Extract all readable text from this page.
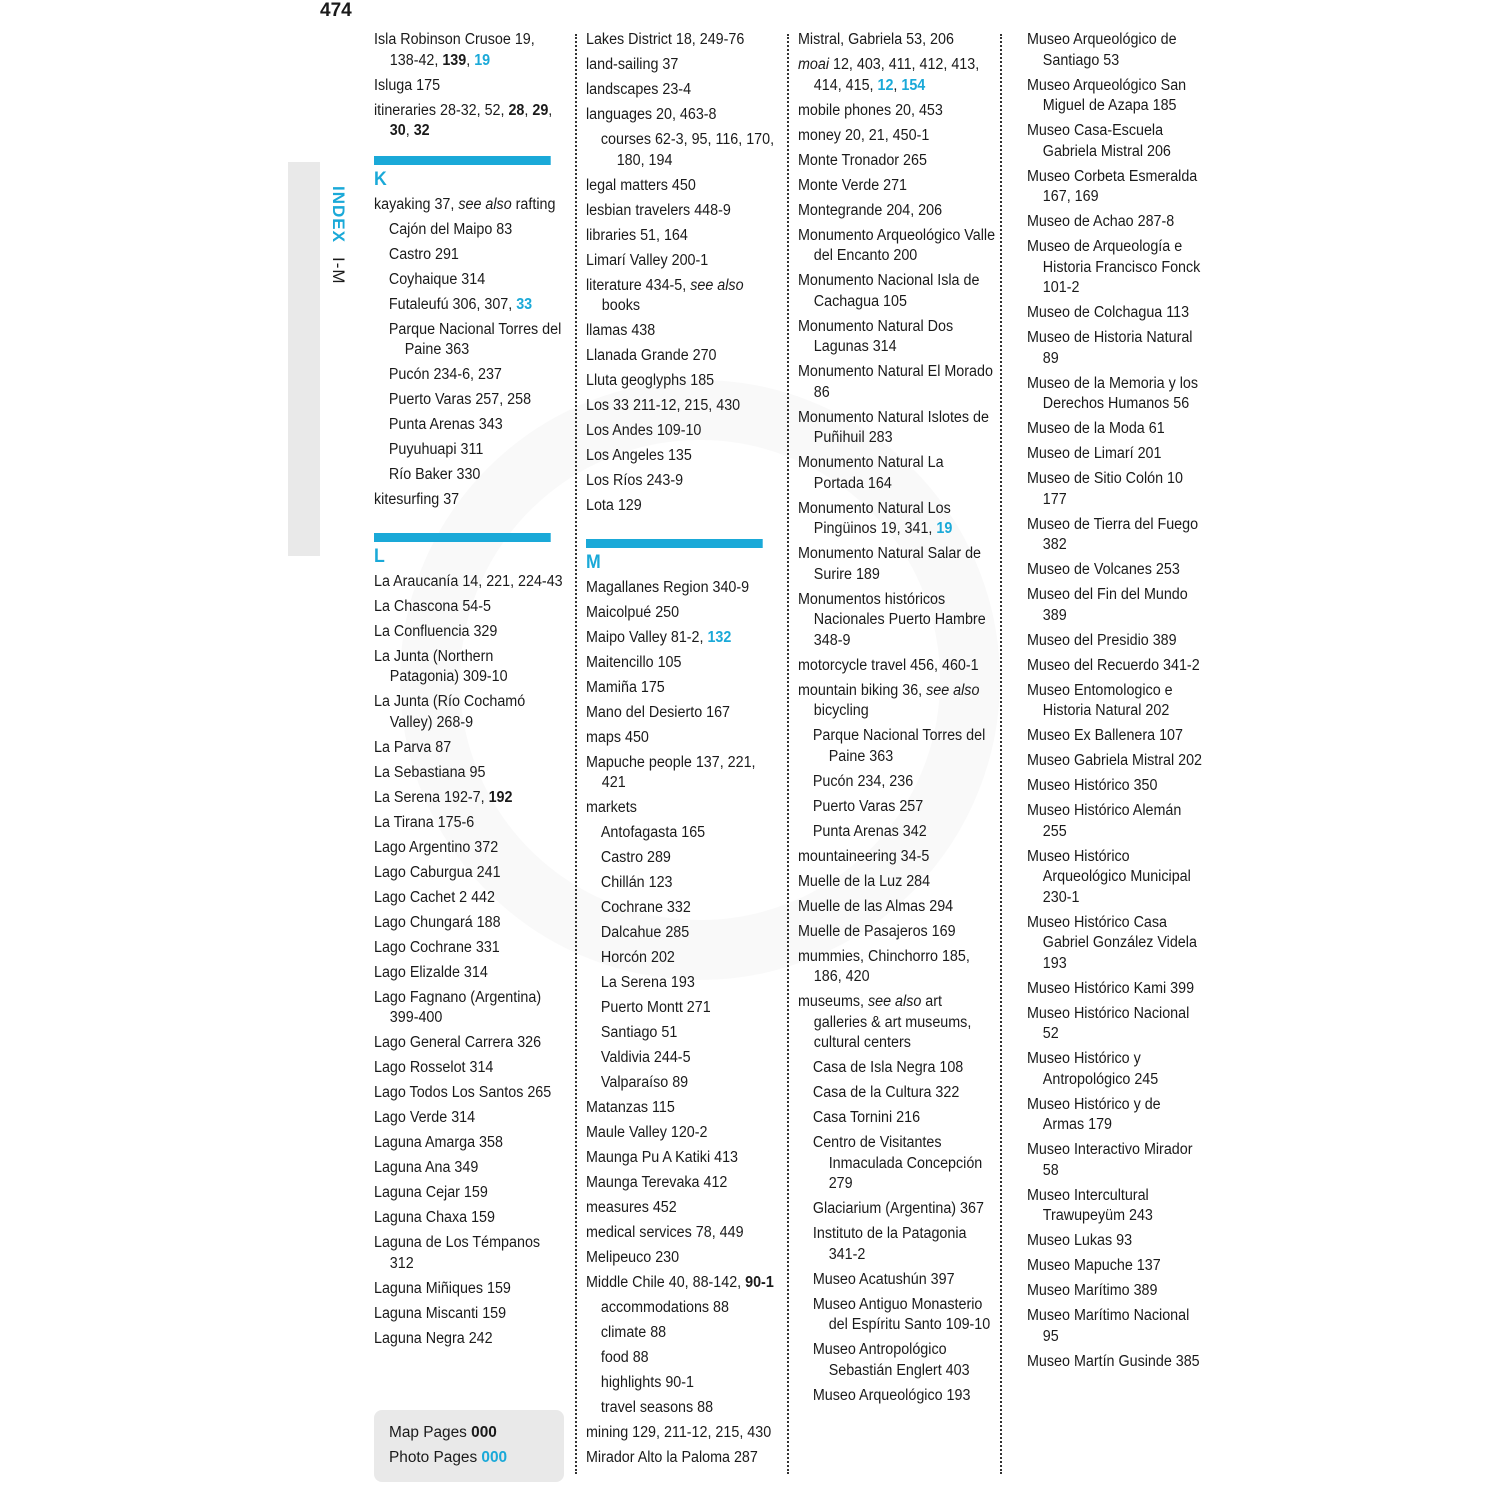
474
INDEX I-M

Isla Robinson Crusoe 19, 138-42, 139, 19

Isluga 175

itineraries 28-32, 52, 28, 29, 30, 32

K

kayaking 37, see also rafting

Cajón del Maipo 83

Castro 291

Coyhaique 314

Futaleufú 306, 307, 33

Parque Nacional Torres del Paine 363

Pucón 234-6, 237

Puerto Varas 257, 258

Punta Arenas 343

Puyuhuapi 311

Río Baker 330

kitesurfing 37

L

La Araucanía 14, 221, 224-43

La Chascona 54-5

La Confluencia 329

La Junta (Northern Patagonia) 309-10

La Junta (Río Cochamó Valley) 268-9

La Parva 87

La Sebastiana 95

La Serena 192-7, 192

La Tirana 175-6

Lago Argentino 372

Lago Caburgua 241

Lago Cachet 2 442

Lago Chungará 188

Lago Cochrane 331

Lago Elizalde 314

Lago Fagnano (Argentina) 399-400

Lago General Carrera 326

Lago Rosselot 314

Lago Todos Los Santos 265

Lago Verde 314

Laguna Amarga 358

Laguna Ana 349

Laguna Cejar 159

Laguna Chaxa 159

Laguna de Los Témpanos 312

Laguna Miñiques 159

Laguna Miscanti 159

Laguna Negra 242

Lakes District 18, 249-76

land-sailing 37

landscapes 23-4

languages 20, 463-8

courses 62-3, 95, 116, 170, 180, 194

legal matters 450

lesbian travelers 448-9

libraries 51, 164

Limarí Valley 200-1

literature 434-5, see also books

llamas 438

Llanada Grande 270

Lluta geoglyphs 185

Los 33 211-12, 215, 430

Los Andes 109-10

Los Angeles 135

Los Ríos 243-9

Lota 129

M

Magallanes Region 340-9

Maicolpué 250

Maipo Valley 81-2, 132

Maitencillo 105

Mamiña 175

Mano del Desierto 167

maps 450

Mapuche people 137, 221, 421

markets

Antofagasta 165

Castro 289

Chillán 123

Cochrane 332

Dalcahue 285

Horcón 202

La Serena 193

Puerto Montt 271

Santiago 51

Valdivia 244-5

Valparaíso 89

Matanzas 115

Maule Valley 120-2

Maunga Pu A Katiki 413

Maunga Terevaka 412

measures 452

medical services 78, 449

Melipeuco 230

Middle Chile 40, 88-142, 90-1

accommodations 88

climate 88

food 88

highlights 90-1

travel seasons 88

mining 129, 211-12, 215, 430

Mirador Alto la Paloma 287

Mistral, Gabriela 53, 206

moai 12, 403, 411, 412, 413, 414, 415, 12, 154

mobile phones 20, 453

money 20, 21, 450-1

Monte Tronador 265

Monte Verde 271

Montegrande 204, 206

Monumento Arqueológico Valle del Encanto 200

Monumento Nacional Isla de Cachagua 105

Monumento Natural Dos Lagunas 314

Monumento Natural El Morado 86

Monumento Natural Islotes de Puñihuil 283

Monumento Natural La Portada 164

Monumento Natural Los Pingüinos 19, 341, 19

Monumento Natural Salar de Surire 189

Monumentos históricos Nacionales Puerto Hambre 348-9

motorcycle travel 456, 460-1

mountain biking 36, see also bicycling

Parque Nacional Torres del Paine 363

Pucón 234, 236

Puerto Varas 257

Punta Arenas 342

mountaineering 34-5

Muelle de la Luz 284

Muelle de las Almas 294

Muelle de Pasajeros 169

mummies, Chinchorro 185, 186, 420

museums, see also art galleries & art museums, cultural centers

Casa de Isla Negra 108

Casa de la Cultura 322

Casa Tornini 216

Centro de Visitantes Inmaculada Concepción 279

Glaciarium (Argentina) 367

Instituto de la Patagonia 341-2

Museo Acatushún 397

Museo Antiguo Monasterio del Espíritu Santo 109-10

Museo Antropológico Sebastián Englert 403

Museo Arqueológico 193

Museo Arqueológico de Santiago 53

Museo Arqueológico San Miguel de Azapa 185

Museo Casa-Escuela Gabriela Mistral 206

Museo Corbeta Esmeralda 167, 169

Museo de Achao 287-8

Museo de Arqueología e Historia Francisco Fonck 101-2

Museo de Colchagua 113

Museo de Historia Natural 89

Museo de la Memoria y los Derechos Humanos 56

Museo de la Moda 61

Museo de Limarí 201

Museo de Sitio Colón 10 177

Museo de Tierra del Fuego 382

Museo de Volcanes 253

Museo del Fin del Mundo 389

Museo del Presidio 389

Museo del Recuerdo 341-2

Museo Entomologico e Historia Natural 202

Museo Ex Ballenera 107

Museo Gabriela Mistral 202

Museo Histórico 350

Museo Histórico Alemán 255

Museo Histórico Arqueológico Municipal 230-1

Museo Histórico Casa Gabriel González Videla 193

Museo Histórico Kami 399

Museo Histórico Nacional 52

Museo Histórico y Antropológico 245

Museo Histórico y de Armas 179

Museo Interactivo Mirador 58

Museo Intercultural Trawupeyüm 243

Museo Lukas 93

Museo Mapuche 137

Museo Marítimo 389

Museo Marítimo Nacional 95

Museo Martín Gusinde 385

Map Pages 000
Photo Pages 000
